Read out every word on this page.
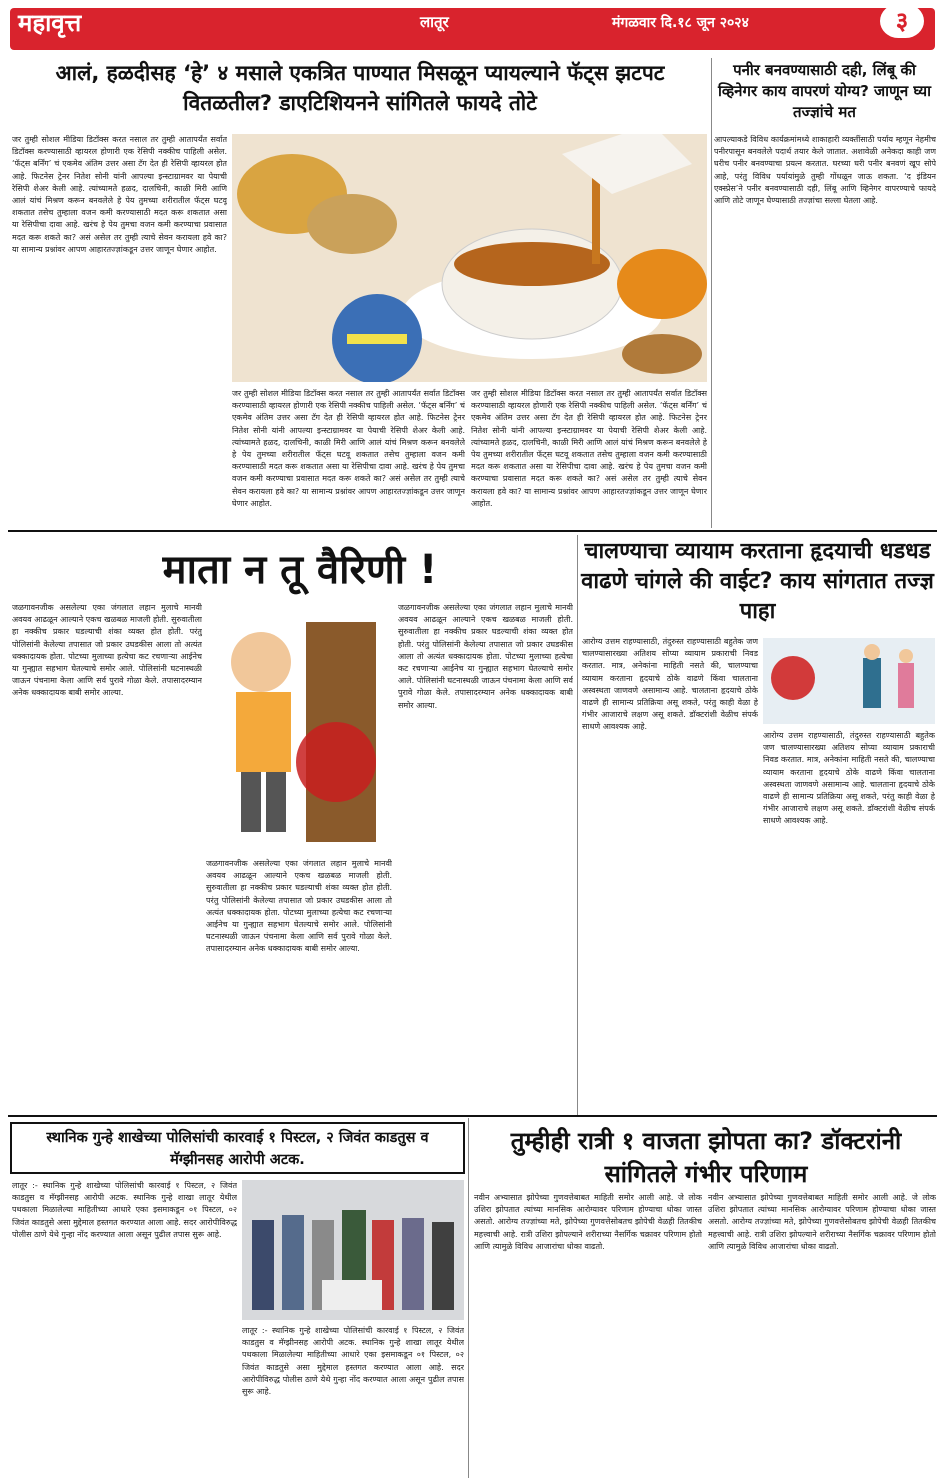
महावृत्त	लातूर	मंगळवार दि.१८ जून २०२४	३
आलं, हळदीसह ‘हे’ ४ मसाले एकत्रित पाण्यात मिसळून प्यायल्याने फॅट्स झटपट वितळतील? डाएटिशियनने सांगितले फायदे तोटे
पनीर बनवण्यासाठी दही, लिंबू की व्हिनेगर काय वापरणं योग्य? जाणून घ्या तज्ज्ञांचे मत

जर तुम्ही सोशल मीडिया डिटॉक्स करत नसाल तर तुम्ही आतापर्यंत सर्वात डिटॉक्स करण्यासाठी व्हायरल होणारी एक रेसिपी नक्कीच पाहिली असेल. ‘फॅट्स बर्निंग’ चं एकमेव अंतिम उत्तर असा टॅग देत ही रेसिपी व्हायरल होत आहे. फिटनेस ट्रेनर नितेश सोनी यांनी आपल्या इन्स्टाग्रामवर या पेयाची रेसिपी शेअर केली आहे. त्यांच्यामते हळद, दालचिनी, काळी मिरी आणि आलं यांचं मिश्रण करून बनवलेले हे पेय तुमच्या शरीरातील फॅट्स घटवू शकतात तसेच तुम्हाला वजन कमी करण्यासाठी मदत करू शकतात असा या रेसिपीचा दावा आहे. खरंच हे पेय तुमचा वजन कमी करण्याचा प्रवासात मदत करू शकते का? असं असेल तर तुम्ही त्याचे सेवन करायला हवे का? या सामान्य प्रश्नांवर आपण आहारतज्ज्ञांकडून उत्तर जाणून घेणार आहोत.

जर तुम्ही सोशल मीडिया डिटॉक्स करत नसाल तर तुम्ही आतापर्यंत सर्वात डिटॉक्स करण्यासाठी व्हायरल होणारी एक रेसिपी नक्कीच पाहिली असेल. ‘फॅट्स बर्निंग’ चं एकमेव अंतिम उत्तर असा टॅग देत ही रेसिपी व्हायरल होत आहे. फिटनेस ट्रेनर नितेश सोनी यांनी आपल्या इन्स्टाग्रामवर या पेयाची रेसिपी शेअर केली आहे. त्यांच्यामते हळद, दालचिनी, काळी मिरी आणि आलं यांचं मिश्रण करून बनवलेले हे पेय तुमच्या शरीरातील फॅट्स घटवू शकतात तसेच तुम्हाला वजन कमी करण्यासाठी मदत करू शकतात असा या रेसिपीचा दावा आहे. खरंच हे पेय तुमचा वजन कमी करण्याचा प्रवासात मदत करू शकते का? असं असेल तर तुम्ही त्याचे सेवन करायला हवे का? या सामान्य प्रश्नांवर आपण आहारतज्ज्ञांकडून उत्तर जाणून घेणार आहोत.

जर तुम्ही सोशल मीडिया डिटॉक्स करत नसाल तर तुम्ही आतापर्यंत सर्वात डिटॉक्स करण्यासाठी व्हायरल होणारी एक रेसिपी नक्कीच पाहिली असेल. ‘फॅट्स बर्निंग’ चं एकमेव अंतिम उत्तर असा टॅग देत ही रेसिपी व्हायरल होत आहे. फिटनेस ट्रेनर नितेश सोनी यांनी आपल्या इन्स्टाग्रामवर या पेयाची रेसिपी शेअर केली आहे. त्यांच्यामते हळद, दालचिनी, काळी मिरी आणि आलं यांचं मिश्रण करून बनवलेले हे पेय तुमच्या शरीरातील फॅट्स घटवू शकतात तसेच तुम्हाला वजन कमी करण्यासाठी मदत करू शकतात असा या रेसिपीचा दावा आहे. खरंच हे पेय तुमचा वजन कमी करण्याचा प्रवासात मदत करू शकते का? असं असेल तर तुम्ही त्याचे सेवन करायला हवे का? या सामान्य प्रश्नांवर आपण आहारतज्ज्ञांकडून उत्तर जाणून घेणार आहोत.

आपल्याकडे विविध कार्यक्रमांमध्ये शाकाहारी व्यक्तींसाठी पर्याय म्हणून नेहमीच पनीरपासून बनवलेले पदार्थ तयार केले जातात. अशावेळी अनेकदा काही जण घरीच पनीर बनवण्याचा प्रयत्न करतात. घरच्या घरी पनीर बनवणं खूप सोपे आहे, परंतु विविध पर्यायांमुळे तुम्ही गोंधळून जाऊ शकता. ‘द इंडियन एक्स्प्रेस’ने पनीर बनवण्यासाठी दही, लिंबू आणि व्हिनेगर वापरण्याचे फायदे आणि तोटे जाणून घेण्यासाठी तज्ज्ञांचा सल्ला घेतला आहे.

माता न तू वैरिणी !

जळगावनजीक असलेल्या एका जंगलात लहान मुलाचे मानवी अवयव आढळून आल्याने एकच खळबळ माजली होती. सुरुवातीला हा नक्कीच प्रकार घडल्याची शंका व्यक्त होत होती. परंतु पोलिसांनी केलेल्या तपासात जो प्रकार उघडकीस आला तो अत्यंत धक्कादायक होता. पोटच्या मुलाच्या हत्येचा कट रचणाऱ्या आईनेच या गुन्ह्यात सहभाग घेतल्याचे समोर आले. पोलिसांनी घटनास्थळी जाऊन पंचनामा केला आणि सर्व पुरावे गोळा केले. तपासादरम्यान अनेक धक्कादायक बाबी समोर आल्या.

जळगावनजीक असलेल्या एका जंगलात लहान मुलाचे मानवी अवयव आढळून आल्याने एकच खळबळ माजली होती. सुरुवातीला हा नक्कीच प्रकार घडल्याची शंका व्यक्त होत होती. परंतु पोलिसांनी केलेल्या तपासात जो प्रकार उघडकीस आला तो अत्यंत धक्कादायक होता. पोटच्या मुलाच्या हत्येचा कट रचणाऱ्या आईनेच या गुन्ह्यात सहभाग घेतल्याचे समोर आले. पोलिसांनी घटनास्थळी जाऊन पंचनामा केला आणि सर्व पुरावे गोळा केले. तपासादरम्यान अनेक धक्कादायक बाबी समोर आल्या.

जळगावनजीक असलेल्या एका जंगलात लहान मुलाचे मानवी अवयव आढळून आल्याने एकच खळबळ माजली होती. सुरुवातीला हा नक्कीच प्रकार घडल्याची शंका व्यक्त होत होती. परंतु पोलिसांनी केलेल्या तपासात जो प्रकार उघडकीस आला तो अत्यंत धक्कादायक होता. पोटच्या मुलाच्या हत्येचा कट रचणाऱ्या आईनेच या गुन्ह्यात सहभाग घेतल्याचे समोर आले. पोलिसांनी घटनास्थळी जाऊन पंचनामा केला आणि सर्व पुरावे गोळा केले. तपासादरम्यान अनेक धक्कादायक बाबी समोर आल्या.

चालण्याचा व्यायाम करताना हृदयाची धडधड वाढणे चांगले की वाईट? काय सांगतात तज्ज्ञ पाहा

आरोग्य उत्तम राहण्यासाठी, तंदुरुस्त राहण्यासाठी बहुतेक जण चालण्यासारख्या अतिशय सोप्या व्यायाम प्रकाराची निवड करतात. मात्र, अनेकांना माहिती नसते की, चालण्याचा व्यायाम करताना हृदयाचे ठोके वाढणे किंवा चालताना अस्वस्थता जाणवणे असामान्य आहे. चालताना हृदयाचे ठोके वाढणे ही सामान्य प्रतिक्रिया असू शकते, परंतु काही वेळा हे गंभीर आजाराचे लक्षण असू शकते. डॉक्टरांशी वेळीच संपर्क साधणे आवश्यक आहे.

आरोग्य उत्तम राहण्यासाठी, तंदुरुस्त राहण्यासाठी बहुतेक जण चालण्यासारख्या अतिशय सोप्या व्यायाम प्रकाराची निवड करतात. मात्र, अनेकांना माहिती नसते की, चालण्याचा व्यायाम करताना हृदयाचे ठोके वाढणे किंवा चालताना अस्वस्थता जाणवणे असामान्य आहे. चालताना हृदयाचे ठोके वाढणे ही सामान्य प्रतिक्रिया असू शकते, परंतु काही वेळा हे गंभीर आजाराचे लक्षण असू शकते. डॉक्टरांशी वेळीच संपर्क साधणे आवश्यक आहे.

स्थानिक गुन्हे शाखेच्या पोलिसांची कारवाई १ पिस्टल, २ जिवंत काडतुस व मॅग्झीनसह आरोपी अटक.

लातूर :- स्थानिक गुन्हे शाखेच्या पोलिसांची कारवाई १ पिस्टल, २ जिवंत काडतुस व मॅग्झीनसह आरोपी अटक. स्थानिक गुन्हे शाखा लातूर येथील पथकाला मिळालेल्या माहितीच्या आधारे एका इसमाकडून ०१ पिस्टल, ०२ जिवंत काडतुसे असा मुद्देमाल हस्तगत करण्यात आला आहे. सदर आरोपीविरुद्ध पोलीस ठाणे येथे गुन्हा नोंद करण्यात आला असून पुढील तपास सुरू आहे.

लातूर :- स्थानिक गुन्हे शाखेच्या पोलिसांची कारवाई १ पिस्टल, २ जिवंत काडतुस व मॅग्झीनसह आरोपी अटक. स्थानिक गुन्हे शाखा लातूर येथील पथकाला मिळालेल्या माहितीच्या आधारे एका इसमाकडून ०१ पिस्टल, ०२ जिवंत काडतुसे असा मुद्देमाल हस्तगत करण्यात आला आहे. सदर आरोपीविरुद्ध पोलीस ठाणे येथे गुन्हा नोंद करण्यात आला असून पुढील तपास सुरू आहे.

तुम्हीही रात्री १ वाजता झोपता का? डॉक्टरांनी सांगितले गंभीर परिणाम

नवीन अभ्यासात झोपेच्या गुणवत्तेबाबत माहिती समोर आली आहे. जे लोक उशिरा झोपतात त्यांच्या मानसिक आरोग्यावर परिणाम होण्याचा धोका जास्त असतो. आरोग्य तज्ज्ञांच्या मते, झोपेच्या गुणवत्तेसोबतच झोपेची वेळही तितकीच महत्त्वाची आहे. रात्री उशिरा झोपल्याने शरीराच्या नैसर्गिक चक्रावर परिणाम होतो आणि त्यामुळे विविध आजारांचा धोका वाढतो.

नवीन अभ्यासात झोपेच्या गुणवत्तेबाबत माहिती समोर आली आहे. जे लोक उशिरा झोपतात त्यांच्या मानसिक आरोग्यावर परिणाम होण्याचा धोका जास्त असतो. आरोग्य तज्ज्ञांच्या मते, झोपेच्या गुणवत्तेसोबतच झोपेची वेळही तितकीच महत्त्वाची आहे. रात्री उशिरा झोपल्याने शरीराच्या नैसर्गिक चक्रावर परिणाम होतो आणि त्यामुळे विविध आजारांचा धोका वाढतो.
